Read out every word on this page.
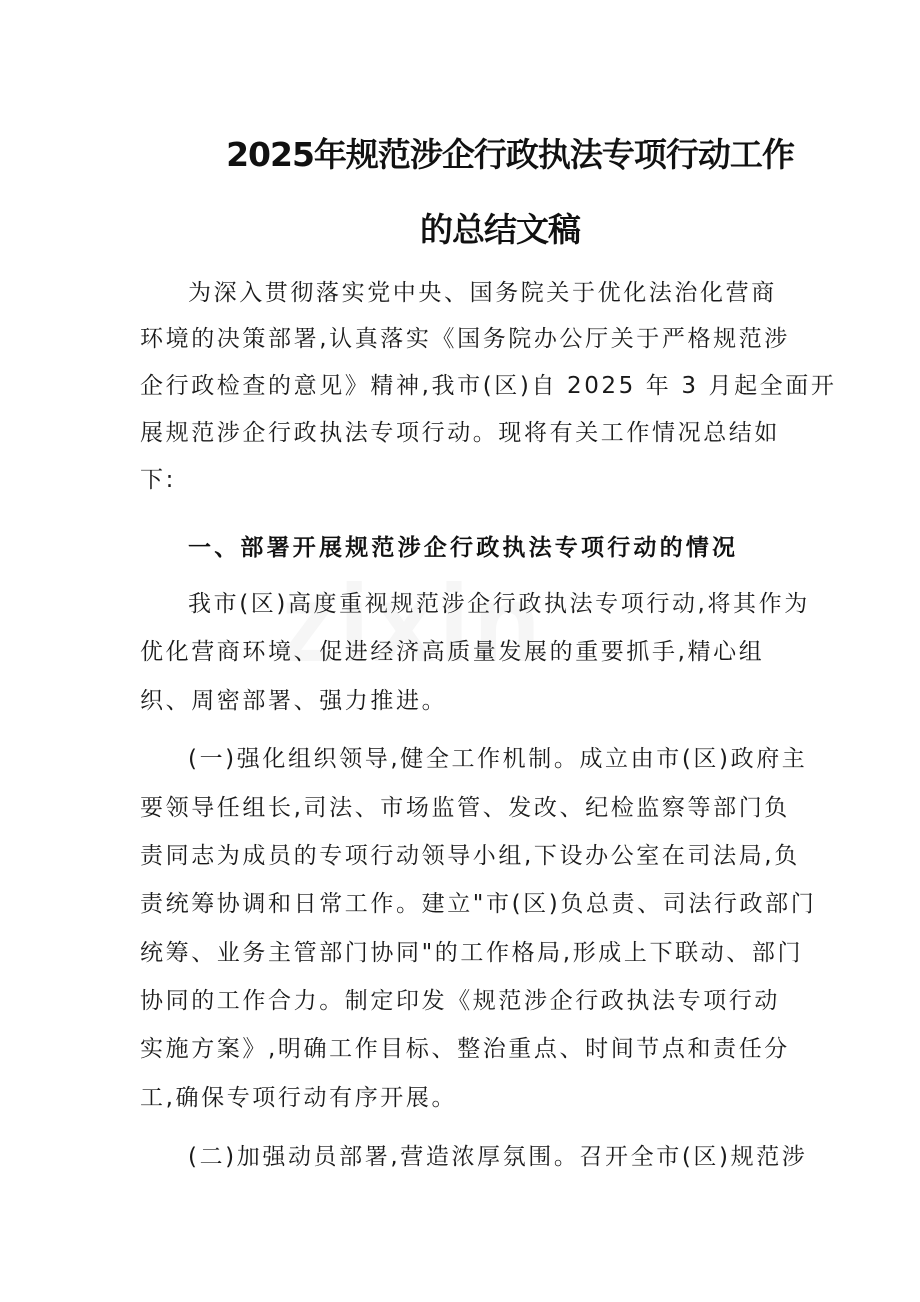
2025年规范涉企行政执法专项行动工作
的总结文稿
为深入贯彻落实党中央、国务院关于优化法治化营商
环境的决策部署,认真落实《国务院办公厅关于严格规范涉
企行政检查的意见》精神,我市(区)自 2025 年 3 月起全面开
展规范涉企行政执法专项行动。现将有关工作情况总结如
下:
一、部署开展规范涉企行政执法专项行动的情况
我市(区)高度重视规范涉企行政执法专项行动,将其作为
优化营商环境、促进经济高质量发展的重要抓手,精心组
织、周密部署、强力推进。
(一)强化组织领导,健全工作机制。成立由市(区)政府主
要领导任组长,司法、市场监管、发改、纪检监察等部门负
责同志为成员的专项行动领导小组,下设办公室在司法局,负
责统筹协调和日常工作。建立"市(区)负总责、司法行政部门
统筹、业务主管部门协同"的工作格局,形成上下联动、部门
协同的工作合力。制定印发《规范涉企行政执法专项行动
实施方案》,明确工作目标、整治重点、时间节点和责任分
工,确保专项行动有序开展。
(二)加强动员部署,营造浓厚氛围。召开全市(区)规范涉
